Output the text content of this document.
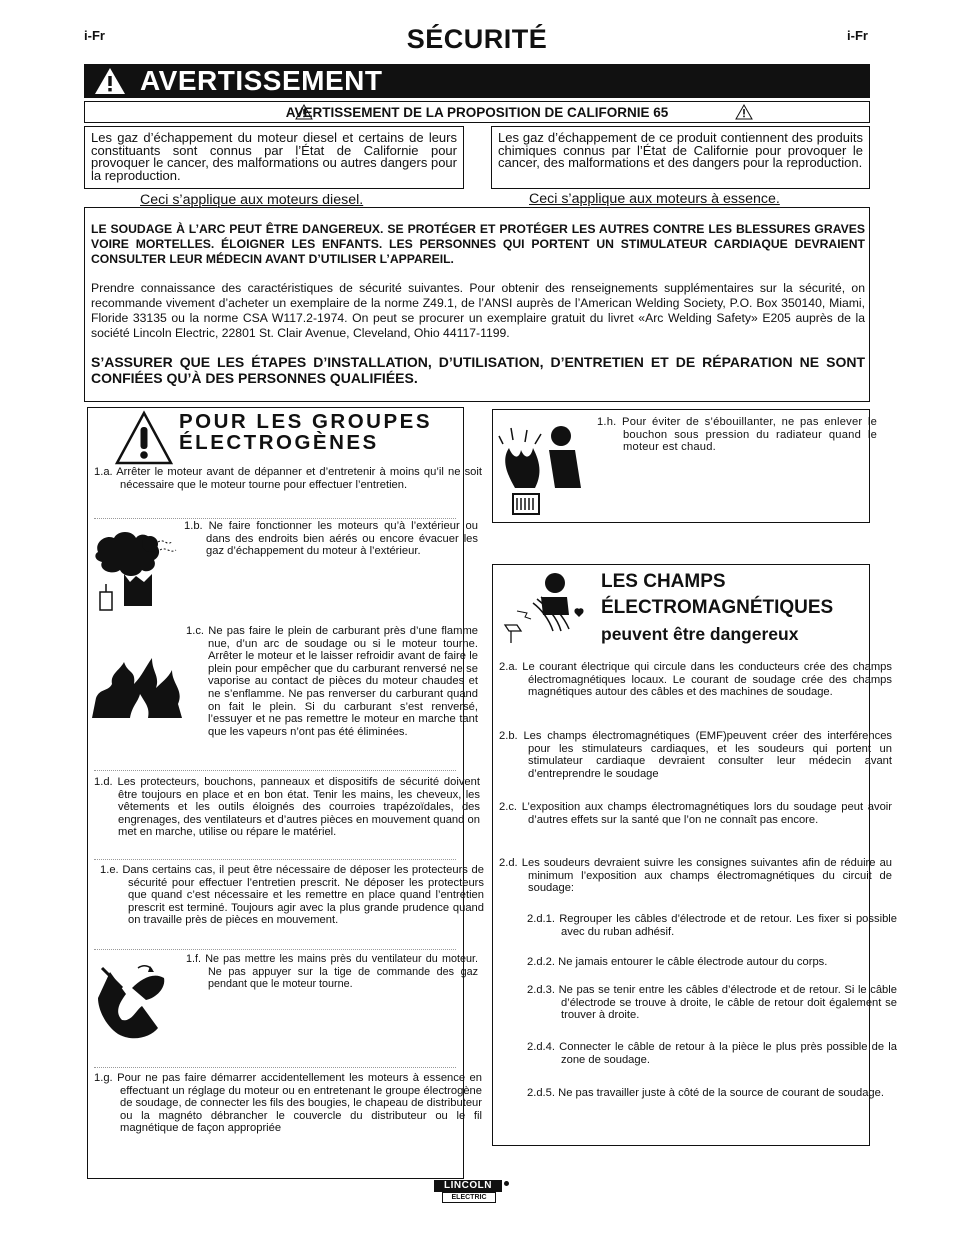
i-Fr	i-Fr
SÉCURITÉ
AVERTISSEMENT
AVERTISSEMENT DE LA PROPOSITION DE CALIFORNIE 65
Les gaz d’échappement du moteur diesel et certains de leurs constituants sont connus par l’État de Californie pour provoquer le cancer, des malformations ou autres dangers pour la reproduction.
Ceci s’applique aux moteurs diesel.
Les gaz d’échappement de ce produit contiennent des produits chimiques connus par l’État de Californie pour provoquer le cancer, des malformations et des dangers pour la reproduction.
Ceci s’applique aux moteurs à essence.

LE SOUDAGE À L’ARC PEUT ÊTRE DANGEREUX. SE PROTÉGER ET PROTÉGER LES AUTRES CONTRE LES BLESSURES GRAVES VOIRE MORTELLES. ÉLOIGNER LES ENFANTS. LES PERSONNES QUI PORTENT UN STIMULATEUR CARDIAQUE DEVRAIENT CONSULTER LEUR MÉDECIN AVANT D’UTILISER L’APPAREIL.

Prendre connaissance des caractéristiques de sécurité suivantes. Pour obtenir des renseignements supplémentaires sur la sécurité, on recommande vivement d’acheter un exemplaire de la norme Z49.1, de l’ANSI auprès de l’American Welding Society, P.O. Box 350140, Miami, Floride 33135 ou la norme CSA W117.2-1974. On peut se procurer un exemplaire gratuit du livret «Arc Welding Safety» E205 auprès de la société Lincoln Electric, 22801 St. Clair Avenue, Cleveland, Ohio 44117-1199.

S’ASSURER QUE LES ÉTAPES D’INSTALLATION, D’UTILISATION, D’ENTRETIEN ET DE RÉPARATION NE SONT CONFIÉES QU’À DES PERSONNES QUALIFIÉES.

POUR LES GROUPES ÉLECTROGÈNES
1.a. Arrêter le moteur avant de dépanner et d’entretenir à moins qu’il ne soit nécessaire que le moteur tourne pour effectuer l’entretien.
1.b. Ne faire fonctionner les moteurs qu’à l’extérieur ou dans des endroits bien aérés ou encore évacuer les gaz d’échappement du moteur à l’extérieur.
1.c. Ne pas faire le plein de carburant près d’une flamme nue, d’un arc de soudage ou si le moteur tourne. Arrêter le moteur et le laisser refroidir avant de faire le plein pour empêcher que du carburant renversé ne se vaporise au contact de pièces du moteur chaudes et ne s’enflamme. Ne pas renverser du carburant quand on fait le plein. Si du carburant s’est renversé, l’essuyer et ne pas remettre le moteur en marche tant que les vapeurs n’ont pas été éliminées.
1.d. Les protecteurs, bouchons, panneaux et dispositifs de sécurité doivent être toujours en place et en bon état. Tenir les mains, les cheveux, les vêtements et les outils éloignés des courroies trapézoïdales, des engrenages, des ventilateurs et d’autres pièces en mouvement quand on met en marche, utilise ou répare le matériel.
1.e. Dans certains cas, il peut être nécessaire de déposer les protecteurs de sécurité pour effectuer l’entretien prescrit. Ne déposer les protecteurs que quand c’est nécessaire et les remettre en place quand l’entretien prescrit est terminé. Toujours agir avec la plus grande prudence quand on travaille près de pièces en mouvement.
1.f. Ne pas mettre les mains près du ventilateur du moteur. Ne pas appuyer sur la tige de commande des gaz pendant que le moteur tourne.
1.g. Pour ne pas faire démarrer accidentellement les moteurs à essence en effectuant un réglage du moteur ou en entretenant le groupe électrogène de soudage, de connecter les fils des bougies, le chapeau de distributeur ou la magnéto débrancher le couvercle du distributeur ou le fil magnétique de façon appropriée
1.h. Pour éviter de s’ébouillanter, ne pas enlever le bouchon sous pression du radiateur quand le moteur est chaud.
LES CHAMPS
ÉLECTROMAGNÉTIQUES
peuvent être dangereux
2.a. Le courant électrique qui circule dans les conducteurs crée des champs électromagnétiques locaux. Le courant de soudage crée des champs magnétiques autour des câbles et des machines de soudage.
2.b. Les champs électromagnétiques (EMF)peuvent créer des interférences pour les stimulateurs cardiaques, et les soudeurs qui portent un stimulateur cardiaque devraient consulter leur médecin avant d’entreprendre le soudage
2.c. L’exposition aux champs électromagnétiques lors du soudage peut avoir d’autres effets sur la santé que l’on ne connaît pas encore.
2.d. Les soudeurs devraient suivre les consignes suivantes afin de réduire au minimum l’exposition aux champs électromagnétiques du circuit de soudage:
2.d.1. Regrouper les câbles d’électrode et de retour. Les fixer si possible avec du ruban adhésif.
2.d.2. Ne jamais entourer le câble électrode autour du corps.
2.d.3. Ne pas se tenir entre les câbles d’électrode et de retour. Si le câble d’électrode se trouve à droite, le câble de retour doit également se trouver à droite.
2.d.4. Connecter le câble de retour à la pièce le plus près possible de la zone de soudage.
2.d.5. Ne pas travailler juste à côté de la source de courant de soudage.
LINCOLN
ELECTRIC
